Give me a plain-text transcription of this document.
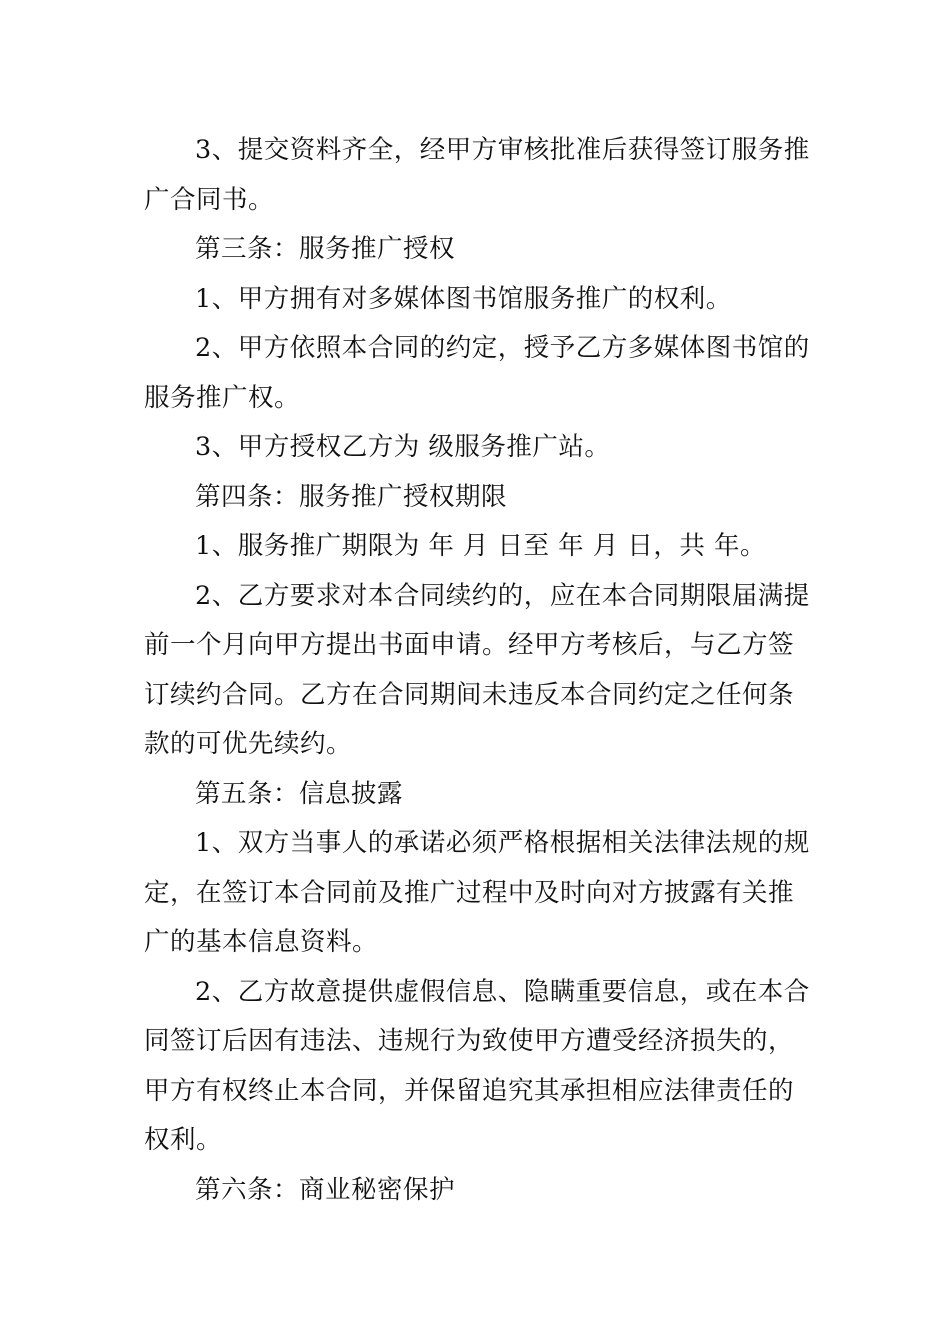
3、提交资料齐全，经甲方审核批准后获得签订服务推
广合同书。
第三条：服务推广授权
1、甲方拥有对多媒体图书馆服务推广的权利。
2、甲方依照本合同的约定，授予乙方多媒体图书馆的
服务推广权。
3、甲方授权乙方为 级服务推广站。
第四条：服务推广授权期限
1、服务推广期限为 年 月 日至 年 月 日，共 年。
2、乙方要求对本合同续约的，应在本合同期限届满提
前一个月向甲方提出书面申请。经甲方考核后，与乙方签
订续约合同。乙方在合同期间未违反本合同约定之任何条
款的可优先续约。
第五条：信息披露
1、双方当事人的承诺必须严格根据相关法律法规的规
定，在签订本合同前及推广过程中及时向对方披露有关推
广的基本信息资料。
2、乙方故意提供虚假信息、隐瞒重要信息，或在本合
同签订后因有违法、违规行为致使甲方遭受经济损失的，
甲方有权终止本合同，并保留追究其承担相应法律责任的
权利。
第六条：商业秘密保护
